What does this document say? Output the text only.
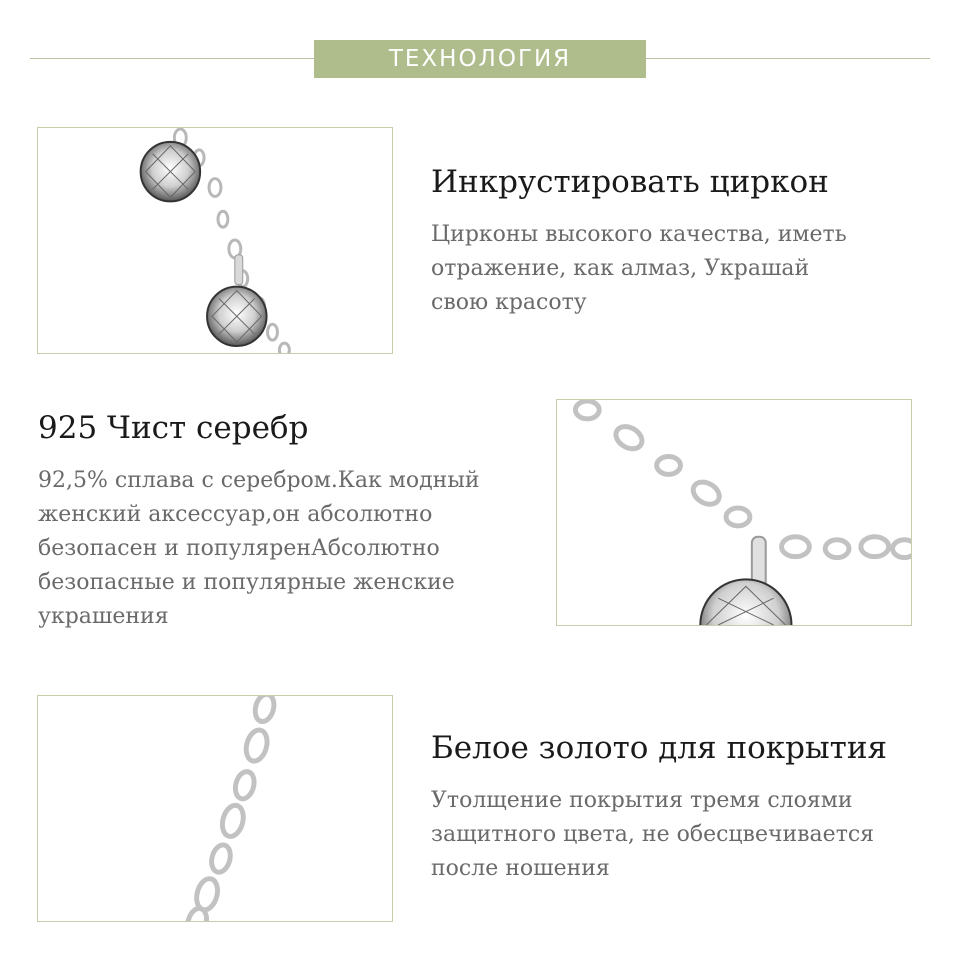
ТЕХНОЛОГИЯ
Инкрустировать циркон
Цирконы высокого качества, иметь
отражение, как алмаз, Украшай
свою красоту
925 Чист серебр
92,5% сплава с серебром.Как модный
женский аксессуар,он абсолютно
безопасен и популяренАбсолютно
безопасные и популярные женские
украшения
Белое золото для покрытия
Утолщение покрытия тремя слоями
защитного цвета, не обесцвечивается
после ношения
